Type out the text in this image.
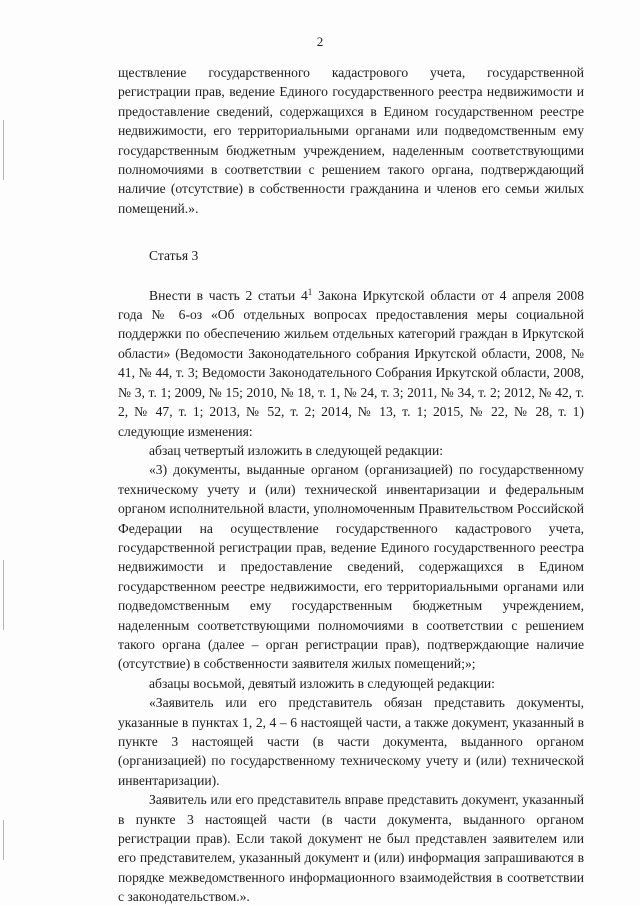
2

ществление государственного кадастрового учета, государственной регистрации прав, ведение Единого государственного реестра недвижимости и предоставление сведений, содержащихся в Едином государственном реестре недвижимости, его территориальными органами или подведомственным ему государственным бюджетным учреждением, наделенным соответствующими полномочиями в соответствии с решением такого органа, подтверждающий наличие (отсутствие) в собственности гражданина и членов его семьи жилых помещений.».

Статья 3

Внести в часть 2 статьи $4^1$ Закона Иркутской области от 4 апреля 2008 года № 6-оз «Об отдельных вопросах предоставления меры социальной поддержки по обеспечению жильем отдельных категорий граждан в Иркутской области» (Ведомости Законодательного собрания Иркутской области, 2008, № 41, № 44, т. 3; Ведомости Законодательного Собрания Иркутской области, 2008, № 3, т. 1; 2009, № 15; 2010, № 18, т. 1, № 24, т. 3; 2011, № 34, т. 2; 2012, № 42, т. 2, № 47, т. 1; 2013, № 52, т. 2; 2014, № 13, т. 1; 2015, № 22, № 28, т. 1) следующие изменения:

абзац четвертый изложить в следующей редакции:

«3) документы, выданные органом (организацией) по государственному техническому учету и (или) технической инвентаризации и федеральным органом исполнительной власти, уполномоченным Правительством Российской Федерации на осуществление государственного кадастрового учета, государственной регистрации прав, ведение Единого государственного реестра недвижимости и предоставление сведений, содержащихся в Едином государственном реестре недвижимости, его территориальными органами или подведомственным ему государственным бюджетным учреждением, наделенным соответствующими полномочиями в соответствии с решением такого органа (далее – орган регистрации прав), подтверждающие наличие (отсутствие) в собственности заявителя жилых помещений;»;

абзацы восьмой, девятый изложить в следующей редакции:

«Заявитель или его представитель обязан представить документы, указанные в пунктах 1, 2, 4 – 6 настоящей части, а также документ, указанный в пункте 3 настоящей части (в части документа, выданного органом (организацией) по государственному техническому учету и (или) технической инвентаризации).

Заявитель или его представитель вправе представить документ, указанный в пункте 3 настоящей части (в части документа, выданного органом регистрации прав). Если такой документ не был представлен заявителем или его представителем, указанный документ и (или) информация запрашиваются в порядке межведомственного информационного взаимодействия в соответствии с законодательством.».
